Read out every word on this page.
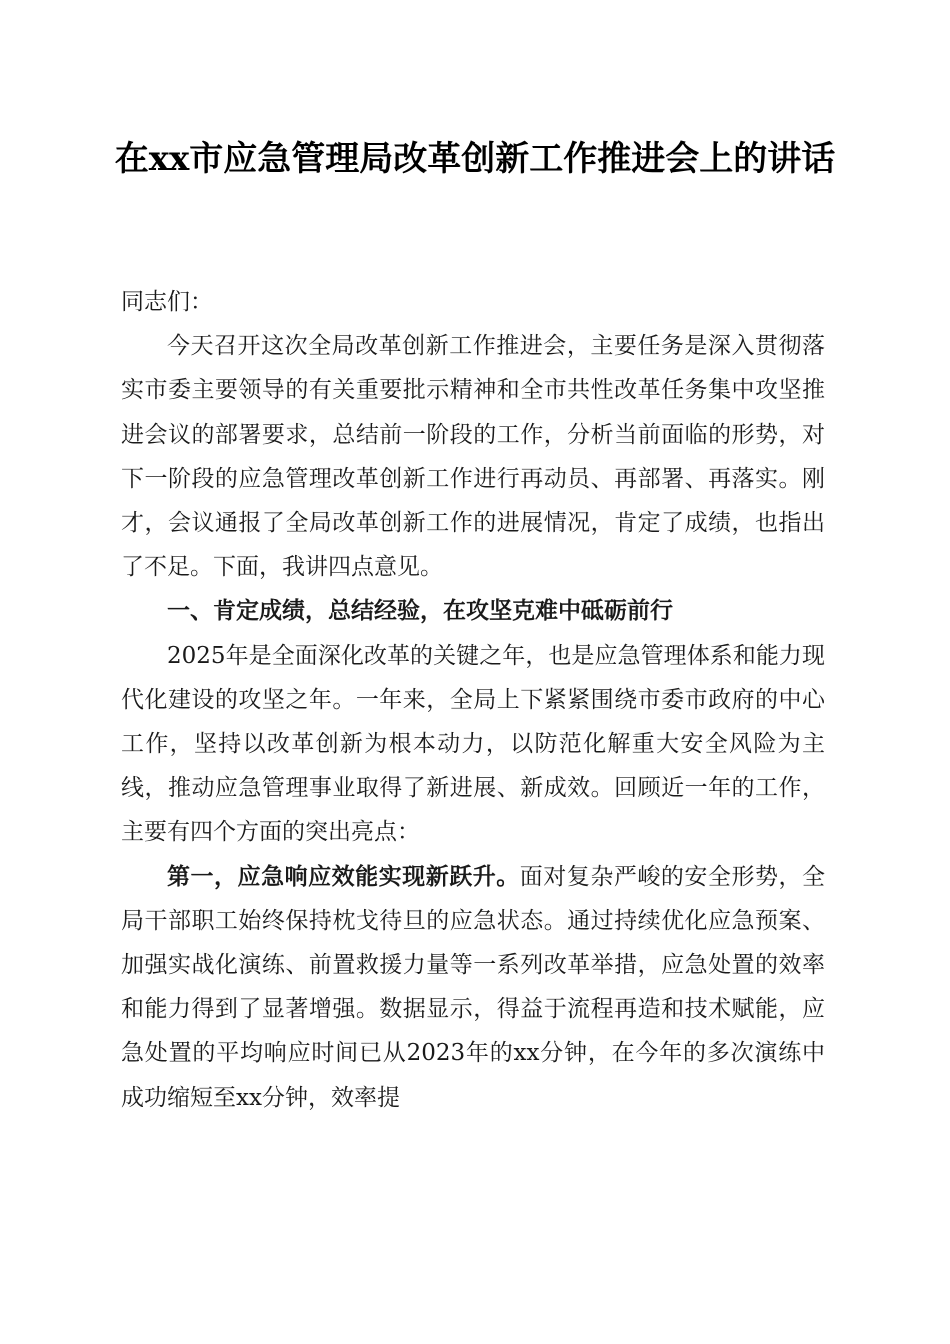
在xx市应急管理局改革创新工作推进会上的讲话

同志们：

今天召开这次全局改革创新工作推进会，主要任务是深入贯彻落实市委主要领导的有关重要批示精神和全市共性改革任务集中攻坚推进会议的部署要求，总结前一阶段的工作，分析当前面临的形势，对下一阶段的应急管理改革创新工作进行再动员、再部署、再落实。刚才，会议通报了全局改革创新工作的进展情况，肯定了成绩，也指出了不足。下面，我讲四点意见。

一、肯定成绩，总结经验，在攻坚克难中砥砺前行

2025年是全面深化改革的关键之年，也是应急管理体系和能力现代化建设的攻坚之年。一年来，全局上下紧紧围绕市委市政府的中心工作，坚持以改革创新为根本动力，以防范化解重大安全风险为主线，推动应急管理事业取得了新进展、新成效。回顾近一年的工作，主要有四个方面的突出亮点：

第一，应急响应效能实现新跃升。面对复杂严峻的安全形势，全局干部职工始终保持枕戈待旦的应急状态。通过持续优化应急预案、加强实战化演练、前置救援力量等一系列改革举措，应急处置的效率和能力得到了显著增强。数据显示，得益于流程再造和技术赋能，应急处置的平均响应时间已从2023年的xx分钟，在今年的多次演练中成功缩短至xx分钟，效率提
